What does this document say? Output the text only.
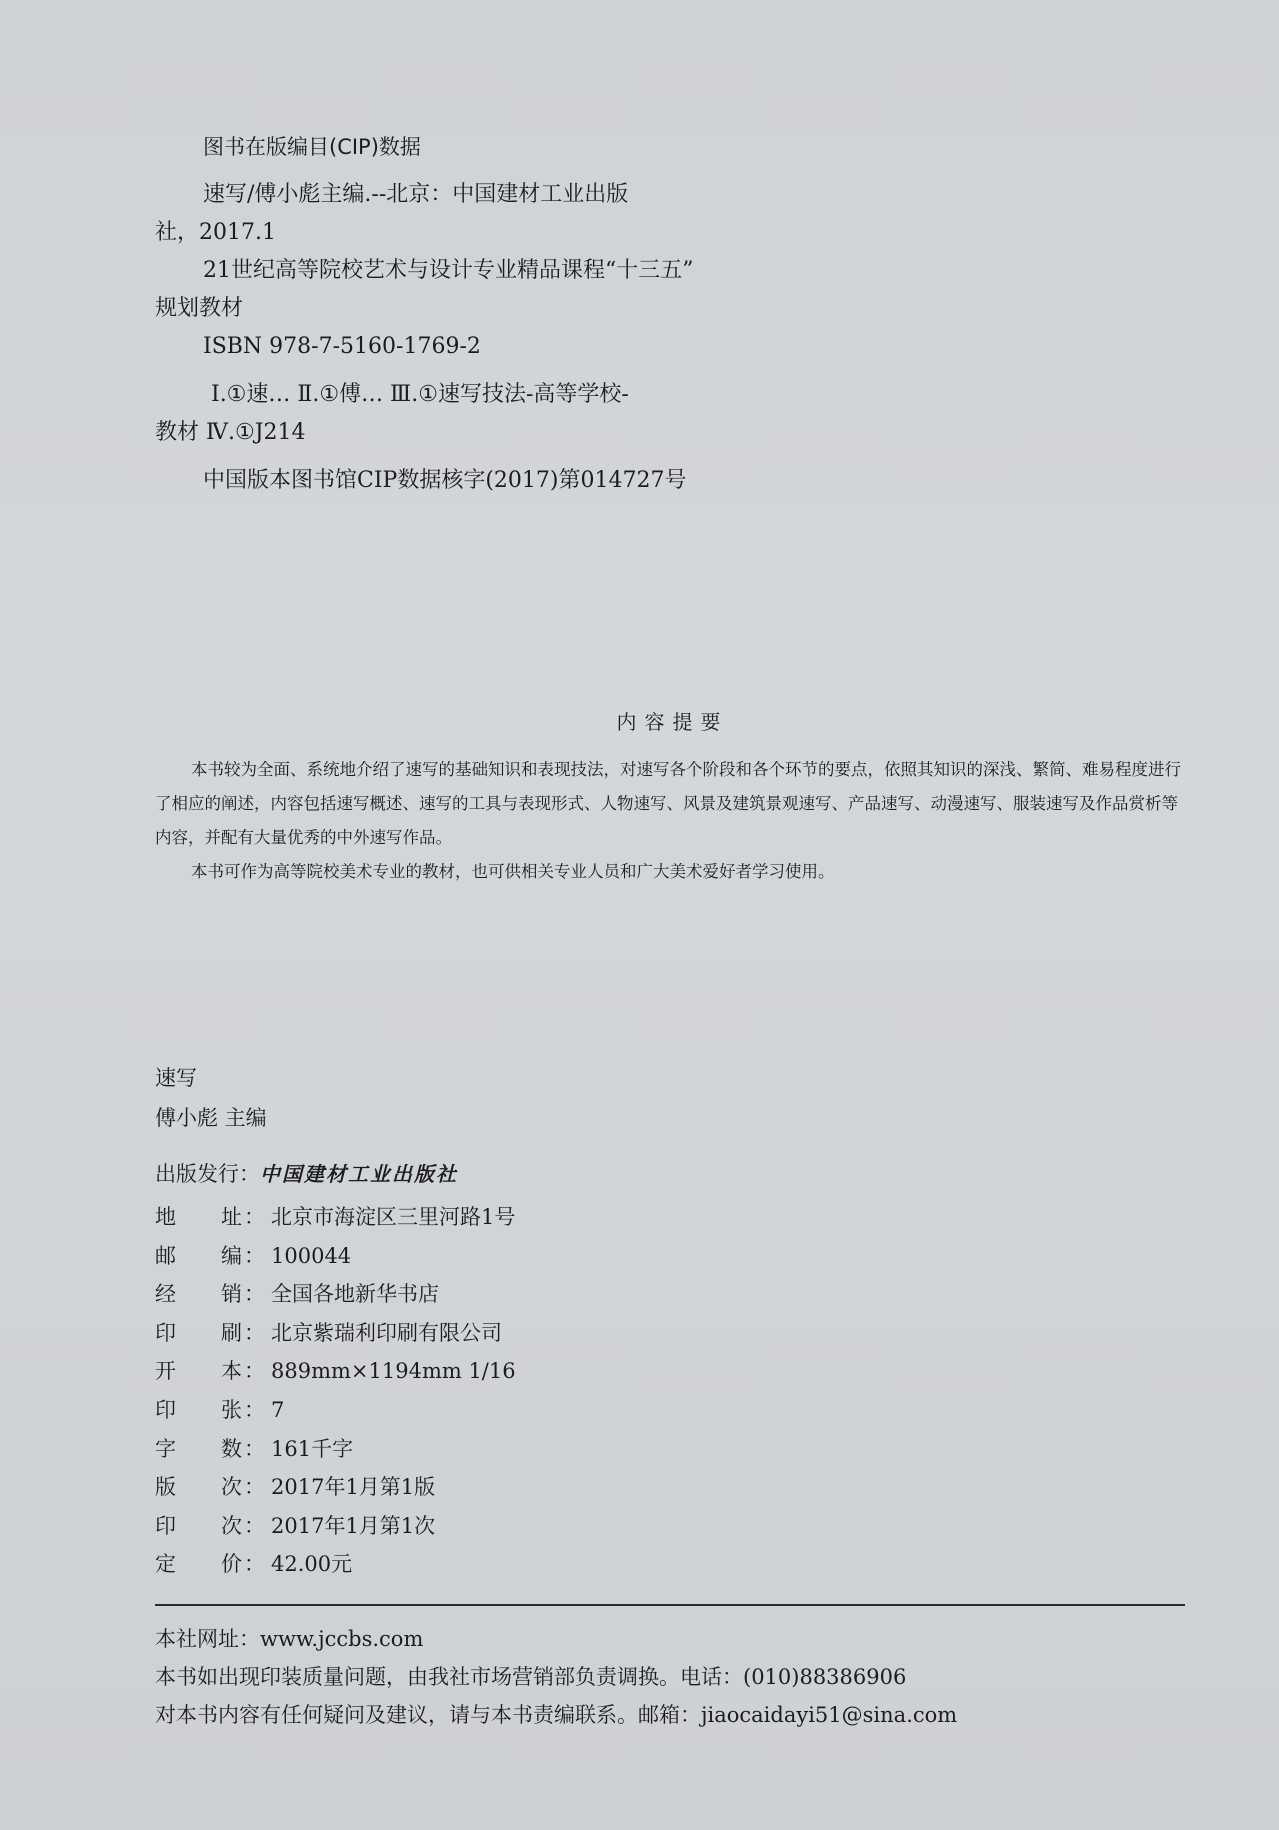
图书在版编目(CIP)数据
速写/傅小彪主编.--北京：中国建材工业出版
社，2017.1
21世纪高等院校艺术与设计专业精品课程“十三五”
规划教材
ISBN 978-7-5160-1769-2
Ⅰ.①速… Ⅱ.①傅… Ⅲ.①速写技法-高等学校-
教材 Ⅳ.①J214
中国版本图书馆CIP数据核字(2017)第014727号
内容提要

本书较为全面、系统地介绍了速写的基础知识和表现技法，对速写各个阶段和各个环节的要点，依照其知识的深浅、繁简、难易程度进行了相应的阐述，内容包括速写概述、速写的工具与表现形式、人物速写、风景及建筑景观速写、产品速写、动漫速写、服装速写及作品赏析等内容，并配有大量优秀的中外速写作品。

本书可作为高等院校美术专业的教材，也可供相关专业人员和广大美术爱好者学习使用。

速写
傅小彪 主编
出版发行：中国建材工业出版社
地 址： 北京市海淀区三里河路1号
邮 编： 100044
经 销： 全国各地新华书店
印 刷： 北京紫瑞利印刷有限公司
开 本： 889mm×1194mm 1/16
印 张： 7
字 数： 161千字
版 次： 2017年1月第1版
印 次： 2017年1月第1次
定 价： 42.00元
本社网址：www.jccbs.com
本书如出现印装质量问题，由我社市场营销部负责调换。电话：(010)88386906
对本书内容有任何疑问及建议，请与本书责编联系。邮箱：jiaocaidayi51@sina.com
